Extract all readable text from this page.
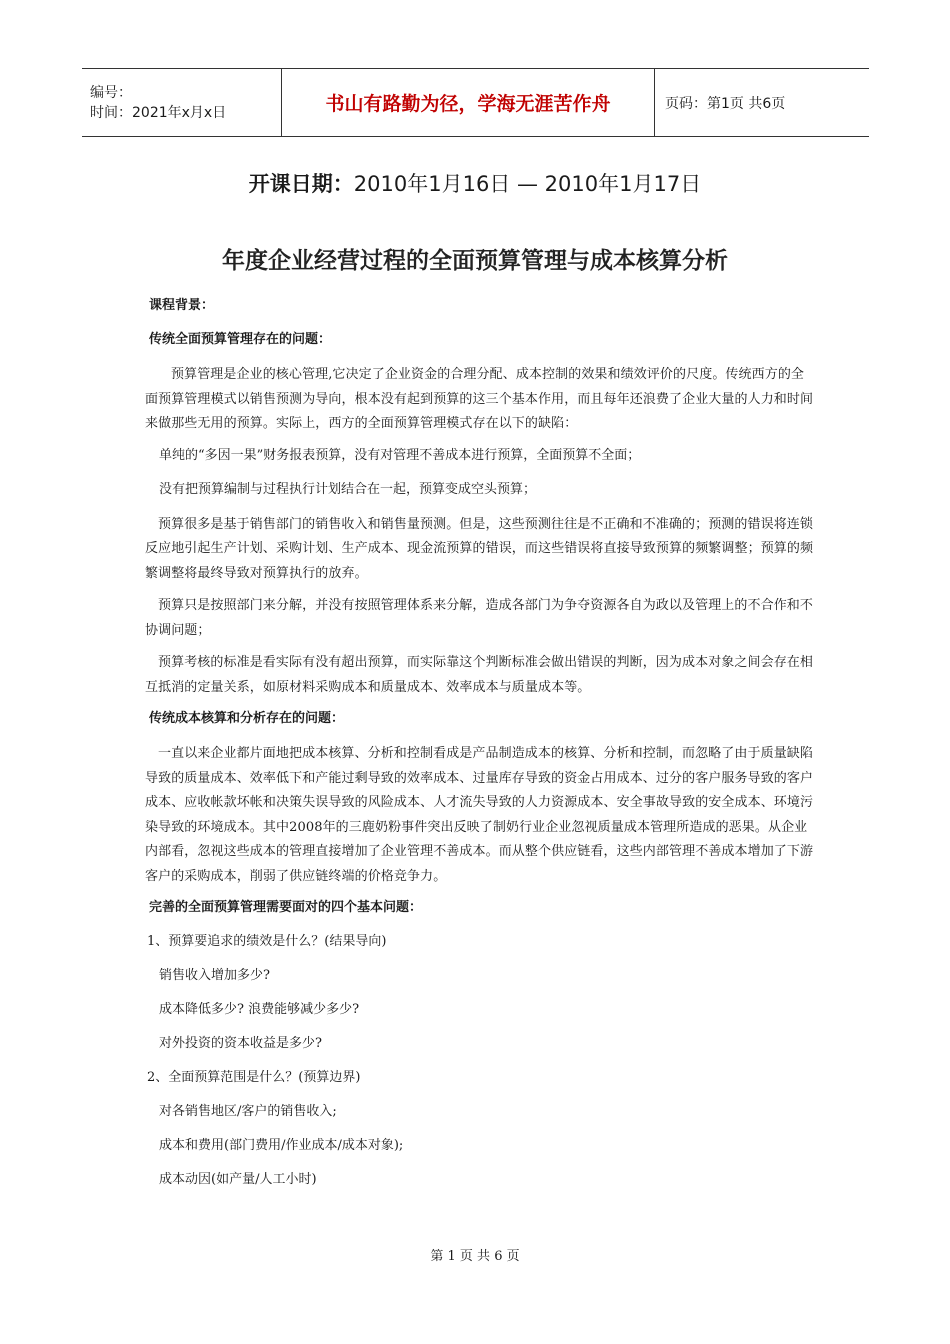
编号：
时间：2021年x月x日	书山有路勤为径，学海无涯苦作舟	页码：第1页 共6页
开课日期：2010年1月16日 — 2010年1月17日
年度企业经营过程的全面预算管理与成本核算分析
课程背景：
传统全面预算管理存在的问题：
预算管理是企业的核心管理,它决定了企业资金的合理分配、成本控制的效果和绩效评价的尺度。传统西方的全面预算管理模式以销售预测为导向，根本没有起到预算的这三个基本作用，而且每年还浪费了企业大量的人力和时间来做那些无用的预算。实际上，西方的全面预算管理模式存在以下的缺陷：
单纯的“多因一果”财务报表预算，没有对管理不善成本进行预算，全面预算不全面；
没有把预算编制与过程执行计划结合在一起，预算变成空头预算；
预算很多是基于销售部门的销售收入和销售量预测。但是，这些预测往往是不正确和不准确的；预测的错误将连锁反应地引起生产计划、采购计划、生产成本、现金流预算的错误，而这些错误将直接导致预算的频繁调整；预算的频繁调整将最终导致对预算执行的放弃。
预算只是按照部门来分解，并没有按照管理体系来分解，造成各部门为争夺资源各自为政以及管理上的不合作和不协调问题；
预算考核的标准是看实际有没有超出预算，而实际靠这个判断标准会做出错误的判断，因为成本对象之间会存在相互抵消的定量关系，如原材料采购成本和质量成本、效率成本与质量成本等。
传统成本核算和分析存在的问题：
一直以来企业都片面地把成本核算、分析和控制看成是产品制造成本的核算、分析和控制，而忽略了由于质量缺陷导致的质量成本、效率低下和产能过剩导致的效率成本、过量库存导致的资金占用成本、过分的客户服务导致的客户成本、应收帐款坏帐和决策失误导致的风险成本、人才流失导致的人力资源成本、安全事故导致的安全成本、环境污染导致的环境成本。其中2008年的三鹿奶粉事件突出反映了制奶行业企业忽视质量成本管理所造成的恶果。从企业内部看，忽视这些成本的管理直接增加了企业管理不善成本。而从整个供应链看，这些内部管理不善成本增加了下游客户的采购成本，削弱了供应链终端的价格竞争力。
完善的全面预算管理需要面对的四个基本问题：
1、预算要追求的绩效是什么？(结果导向)
销售收入增加多少?
成本降低多少? 浪费能够减少多少?
对外投资的资本收益是多少?
2、全面预算范围是什么？(预算边界)
对各销售地区/客户的销售收入;
成本和费用(部门费用/作业成本/成本对象);
成本动因(如产量/人工小时)
第 1 页 共 6 页
